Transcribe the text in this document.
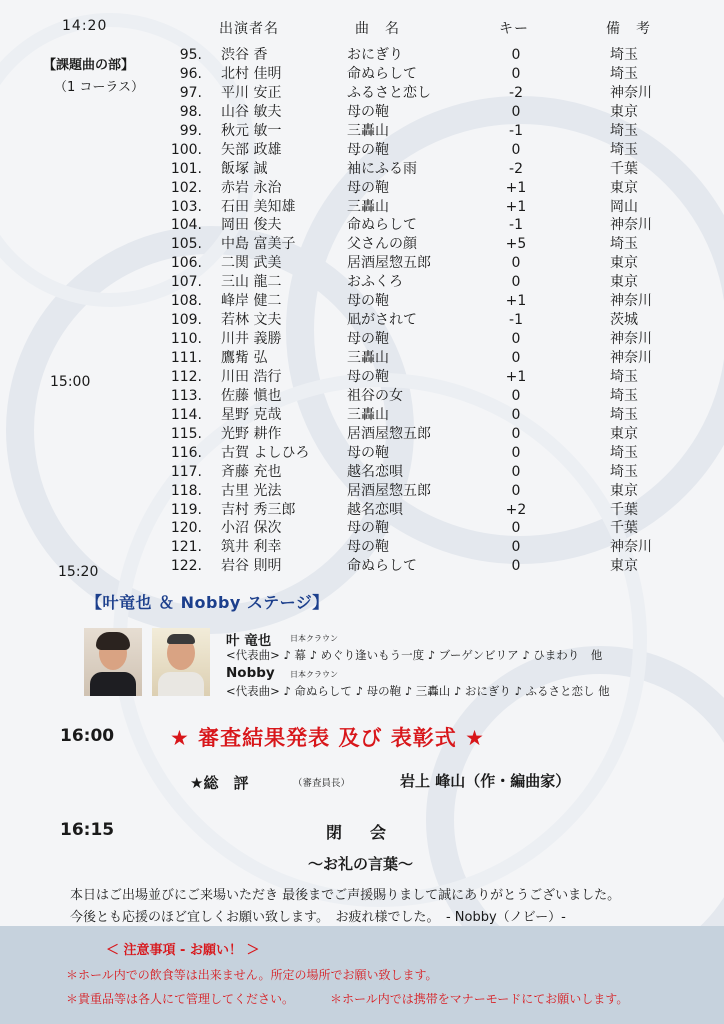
14:20	出演者名	曲　名	キー	備　考
【課題曲の部】
（1 コーラス）
15:00
15:20
95. 渋谷 香	おにぎり	0	埼玉
96. 北村 佳明	命ぬらして	0	埼玉
97. 平川 安正	ふるさと恋し	-2	神奈川
98. 山谷 敏夫	母の鞄	0	東京
99. 秋元 敏一	三轟山	-1	埼玉
100. 矢部 政雄	母の鞄	0	埼玉
101. 飯塚 誠	袖にふる雨	-2	千葉
102. 赤岩 永治	母の鞄	+1	東京
103. 石田 美知雄	三轟山	+1	岡山
104. 岡田 俊夫	命ぬらして	-1	神奈川
105. 中島 富美子	父さんの顔	+5	埼玉
106. 二関 武美	居酒屋惣五郎	0	東京
107. 三山 龍二	おふくろ	0	東京
108. 峰岸 健二	母の鞄	+1	神奈川
109. 若林 文夫	凪がされて	-1	茨城
110. 川井 義勝	母の鞄	0	神奈川
111. 鷹觜 弘	三轟山	0	神奈川
112. 川田 浩行	母の鞄	+1	埼玉
113. 佐藤 愼也	祖谷の女	0	埼玉
114. 星野 克哉	三轟山	0	埼玉
115. 光野 耕作	居酒屋惣五郎	0	東京
116. 古賀 よしひろ	母の鞄	0	埼玉
117. 斉藤 充也	越名恋唄	0	埼玉
118. 古里 光法	居酒屋惣五郎	0	東京
119. 吉村 秀三郎	越名恋唄	+2	千葉
120. 小沼 保次	母の鞄	0	千葉
121. 筑井 利幸	母の鞄	0	神奈川
122. 岩谷 則明	命ぬらして	0	東京
【叶竜也 ＆ Nobby ステージ】
叶 竜也 日本クラウン
<代表曲> ♪ 幕 ♪ めぐり逢いもう一度 ♪ ブーゲンビリア ♪ ひまわり　他
Nobby 日本クラウン
<代表曲> ♪ 命ぬらして ♪ 母の鞄 ♪ 三轟山 ♪ おにぎり ♪ ふるさと恋し 他
16:00	★ 審査結果発表 及び 表彰式 ★
★総　評	（審査員長）	岩上 峰山（作・編曲家）
16:15	閉　会
〜お礼の言葉〜
本日はご出場並びにご来場いただき 最後までご声援賜りまして誠にありがとうございました。
今後とも応援のほど宜しくお願い致します。　お疲れ様でした。　- Nobby（ノビー）-
＜ 注意事項 - お願い！ ＞
＊ホール内での飲食等は出来ません。所定の場所でお願い致します。
＊貴重品等は各人にて管理してください。	＊ホール内では携帯をマナーモードにてお願いします。
